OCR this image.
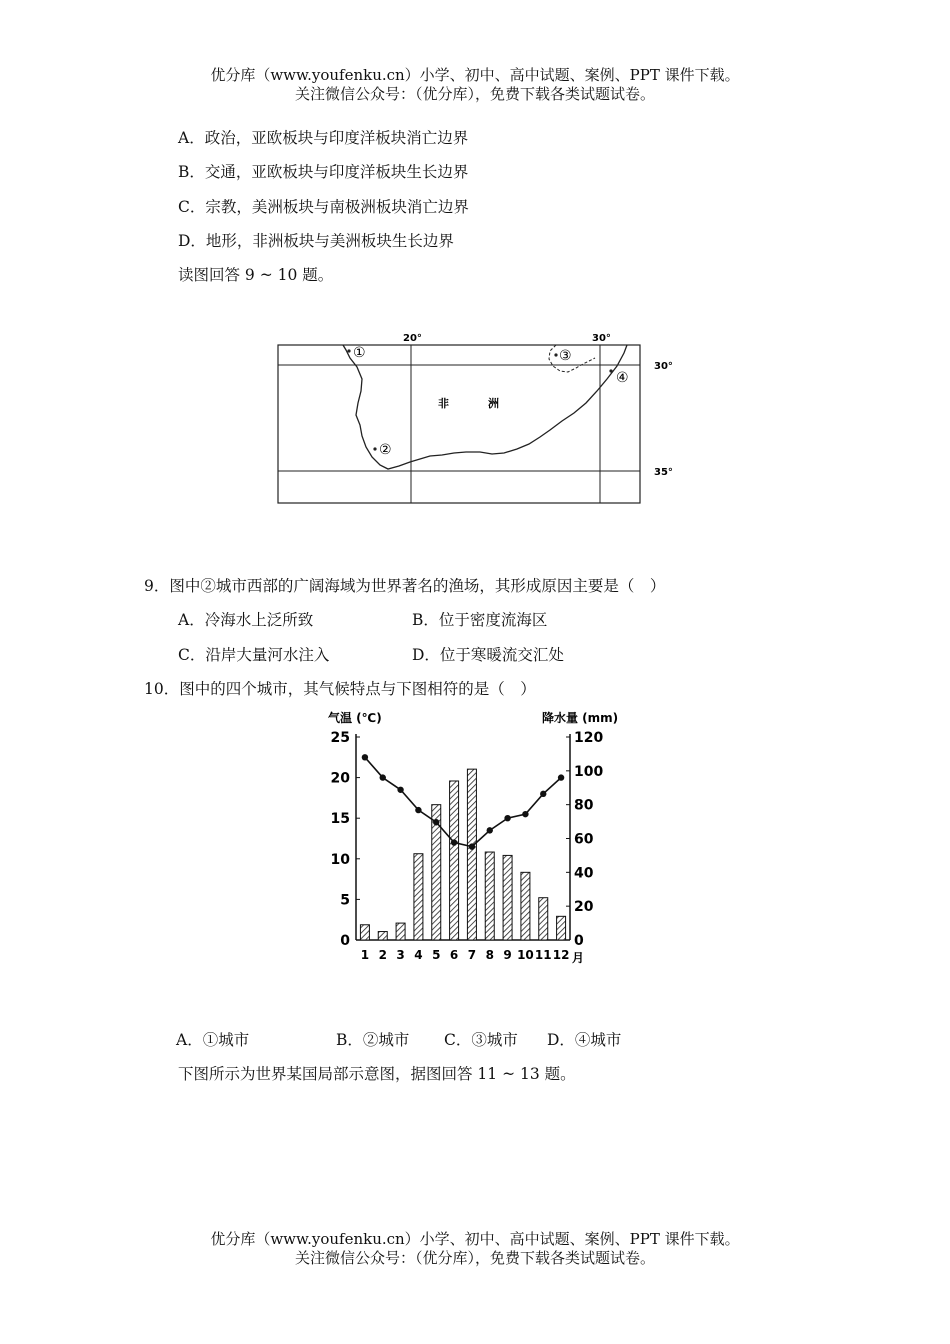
优分库（www.youfenku.cn）小学、初中、高中试题、案例、PPT 课件下载。
关注微信公众号：（优分库），免费下载各类试题试卷。
A．政治，亚欧板块与印度洋板块消亡边界
B．交通，亚欧板块与印度洋板块生长边界
C．宗教，美洲板块与南极洲板块消亡边界
D．地形，非洲板块与美洲板块生长边界
读图回答 9 ~ 10 题。
20°	30°
30°
35°
非	洲
①
②
③
④
9．图中②城市西部的广阔海域为世界著名的渔场，其形成原因主要是（　）
A．冷海水上泛所致	B．位于密度流海区
C．沿岸大量河水注入	D．位于寒暖流交汇处
10．图中的四个城市，其气候特点与下图相符的是（　）
气温 (℃)	降水量 (mm)
25
20
15
10
5
0
120
100
80
60
40
20
0
1 2 3 4 5 6 7 8 9 10 11 12 月
A．①城市	B．②城市 C．③城市 D．④城市
下图所示为世界某国局部示意图，据图回答 11 ~ 13 题。
优分库（www.youfenku.cn）小学、初中、高中试题、案例、PPT 课件下载。
关注微信公众号：（优分库），免费下载各类试题试卷。
